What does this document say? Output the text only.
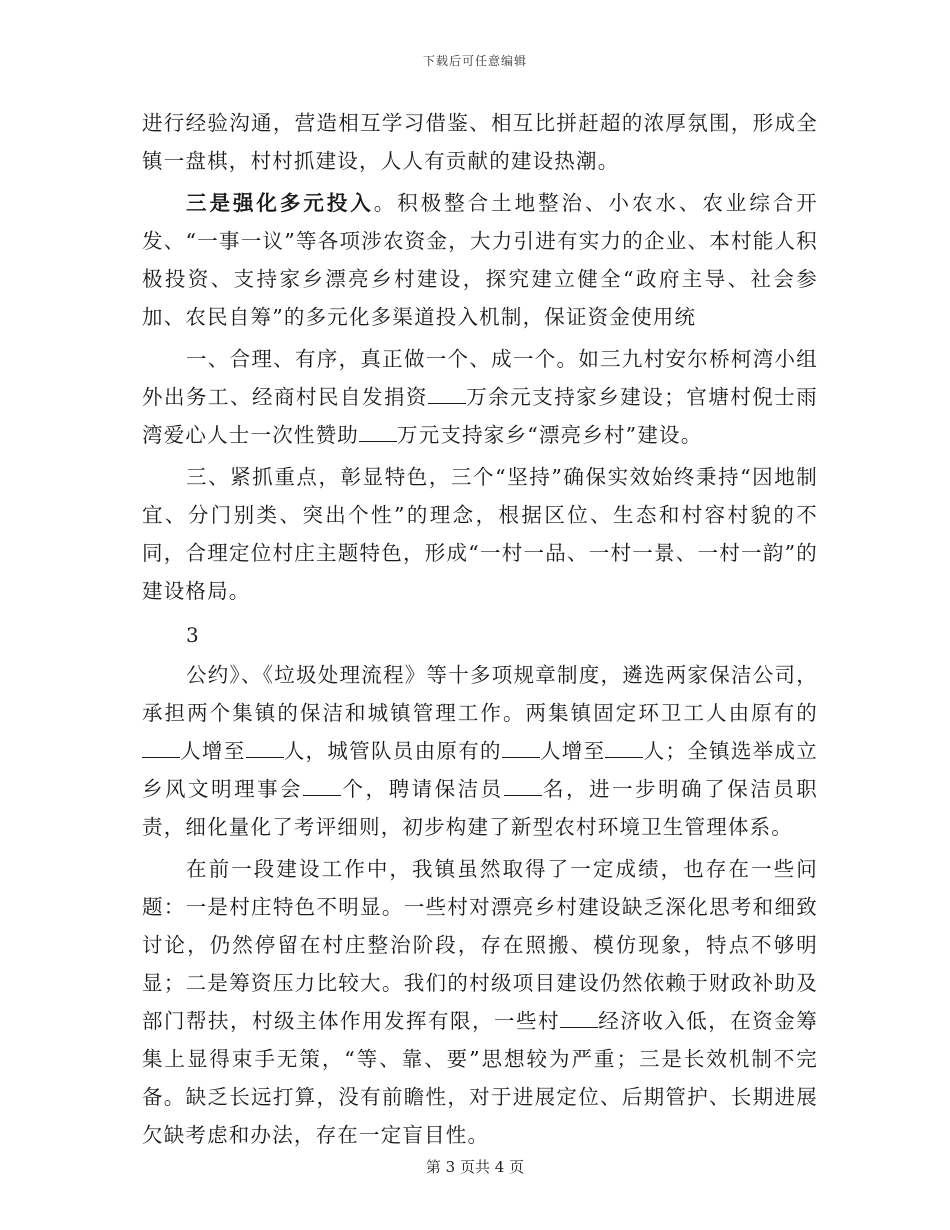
下载后可任意编辑

进行经验沟通，营造相互学习借鉴、相互比拼赶超的浓厚氛围，形成全镇一盘棋，村村抓建设，人人有贡献的建设热潮。

三是强化多元投入。积极整合土地整治、小农水、农业综合开发、“一事一议”等各项涉农资金，大力引进有实力的企业、本村能人积极投资、支持家乡漂亮乡村建设，探究建立健全“政府主导、社会参加、农民自筹”的多元化多渠道投入机制，保证资金使用统

一、合理、有序，真正做一个、成一个。如三九村安尔桥柯湾小组外出务工、经商村民自发捐资 万余元支持家乡建设；官塘村倪士雨湾爱心人士一次性赞助 万元支持家乡“漂亮乡村”建设。

三、紧抓重点，彰显特色，三个“坚持”确保实效始终秉持“因地制宜、分门别类、突出个性”的理念，根据区位、生态和村容村貌的不同，合理定位村庄主题特色，形成“一村一品、一村一景、一村一韵”的建设格局。

3

公约》、《垃圾处理流程》等十多项规章制度，遴选两家保洁公司，承担两个集镇的保洁和城镇管理工作。两集镇固定环卫工人由原有的人增至 人，城管队员由原有的 人增至 人；全镇选举成立乡风文明理事会 个，聘请保洁员 名，进一步明确了保洁员职责，细化量化了考评细则，初步构建了新型农村环境卫生管理体系。

在前一段建设工作中，我镇虽然取得了一定成绩，也存在一些问题：一是村庄特色不明显。一些村对漂亮乡村建设缺乏深化思考和细致讨论，仍然停留在村庄整治阶段，存在照搬、模仿现象，特点不够明显；二是筹资压力比较大。我们的村级项目建设仍然依赖于财政补助及部门帮扶，村级主体作用发挥有限，一些村 经济收入低，在资金筹集上显得束手无策，“等、靠、要”思想较为严重；三是长效机制不完备。缺乏长远打算，没有前瞻性，对于进展定位、后期管护、长期进展欠缺考虑和办法，存在一定盲目性。

第 3 页共 4 页
